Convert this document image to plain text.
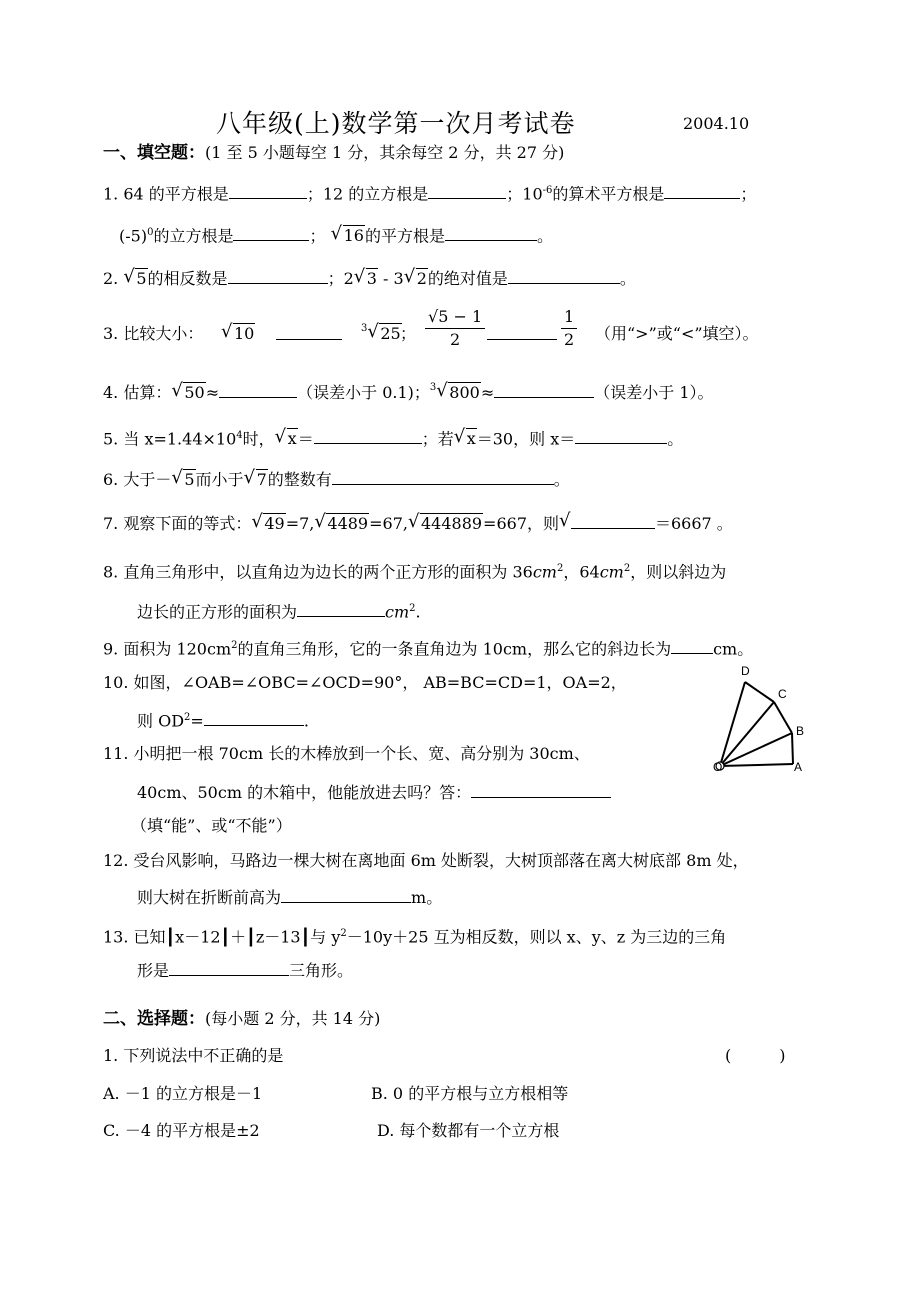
八年级(上)数学第一次月考试卷	2004.10
一、填空题：(1 至 5 小题每空 1 分，其余每空 2 分，共 27 分)
1. 64 的平方根是	；12 的立方根是	；$10^{-6}$的算术平方根是	；
$(-5)^0$的立方根是	； √ 16的平方根是	。
2. √ 5的相反数是	；2 √ 3 - 3 √ 2的绝对值是	。
3. 比较大小： √ 10	$^3$ √ 25 ； $\frac{√5 - 1}{2}$	$\frac{1}{2}$ （用“>”或“<”填空）。
4. 估算： √ 50≈	（误差小于 0.1)；$^3$ √ 800≈	（误差小于 1）。
5. 当 $x=1.44\times 10^4$时， √ x＝	；若 √ x＝30，则 x＝	。
6. 大于－ √ 5而小于 √ 7的整数有	。
7. 观察下面的等式： √ 49=7, √ 4489=67, √ 444889=667，则 √	＝6667 。
8. 直角三角形中，以直角边为边长的两个正方形的面积为 $36cm^2$，$64cm^2$，则以斜边为
边长的正方形的面积为	$cm^2$.
9. 面积为 $120cm^2$的直角三角形，它的一条直角边为 10cm，那么它的斜边长为	cm。
10. 如图，∠OAB=∠OBC=∠OCD=90°， AB=BC=CD=1，OA=2，
则 $OD^2=$	.
D
C
B
O	A
11. 小明把一根 70cm 长的木棒放到一个长、宽、高分别为 30cm、
40cm、50cm 的木箱中，他能放进去吗？答：
（填“能”、或“不能”）
12. 受台风影响，马路边一棵大树在离地面 6m 处断裂，大树顶部落在离大树底部 8m 处，
则大树在折断前高为	m。
13. 已知┃x－12┃＋┃z－13┃与 $y^2-10y+25$ 互为相反数，则以 x、y、z 为三边的三角
形是	三角形。
二、选择题：(每小题 2 分，共 14 分)
1. 下列说法中不正确的是	(　　　)
A. －1 的立方根是－1	B. 0 的平方根与立方根相等
C. －4 的平方根是±2	D. 每个数都有一个立方根
